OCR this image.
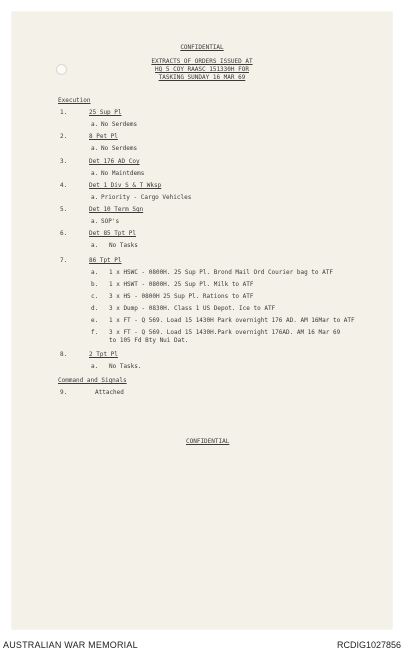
CONFIDENTIAL
EXTRACTS OF ORDERS ISSUED AT
HQ 5 COY RAASC 151330H FOR
TASKING SUNDAY 16 MAR 69
Execution
1.	25 Sup Pl
a. No Serdems
2.	8 Pet Pl
a. No Serdems
3.	Det 176 AD Coy
a. No Maintdems
4.	Det 1 Div S & T Wksp
a. Priority - Cargo Vehicles
5.	Det 10 Term Sqn
a. SOP's
6.	Det 85 Tpt Pl
a. No Tasks
7.	86 Tpt Pl
a. 1 x HSWC - 0800H. 25 Sup Pl. Brond Mail Ord Courier bag to ATF
b. 1 x HSWT - 0800H. 25 Sup Pl. Milk to ATF
c. 3 x HS - 0800H 25 Sup Pl. Rations to ATF
d. 3 x Dump - 0830H. Class 1 US Depot. Ice to ATF
e. 1 x FT - Q 569. Load 15 1430H Park overnight 176 AD. AM 16Mar to ATF
f. 3 x FT - Q 569. Load 15 1430H.Park overnight 176AD. AM 16 Mar 69
to 105 Fd Bty Nui Dat.
8.	2 Tpt Pl
a. No Tasks.
Command and Signals
9.	Attached
CONFIDENTIAL
AUSTRALIAN WAR MEMORIAL	RCDIG1027856
